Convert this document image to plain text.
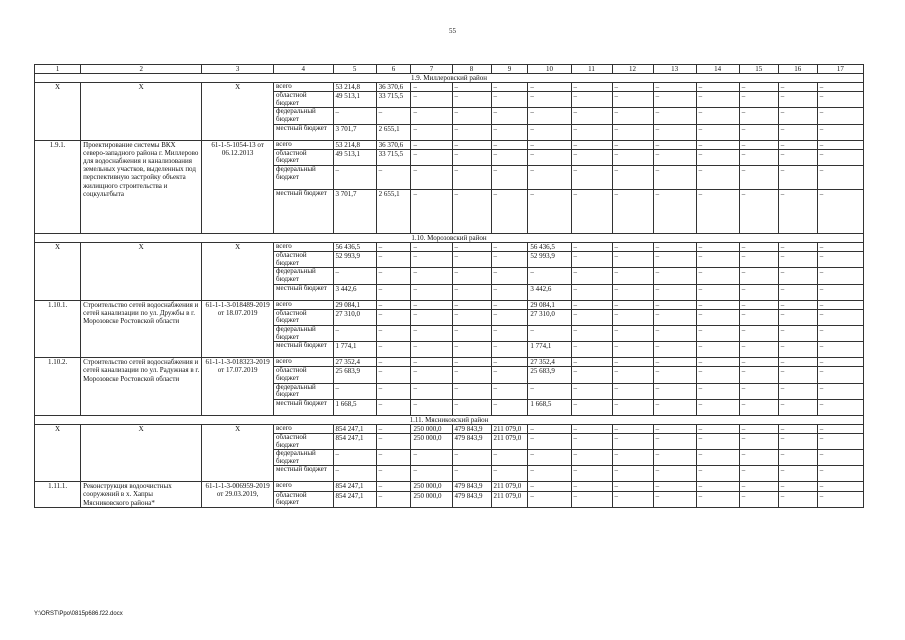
55
1	2	3	4	5	6	7	8	9	10	11	12	13	14	15	16	17
1.9. Миллеровский район																
Х	Х	Х	всего	53 214,8	36 370,6	–	–	–	–	–	–	–	–	–	–	–
			областной бюджет	49 513,1	33 715,5	–	–	–	–	–	–	–	–	–	–	–
			федеральный бюджет	–	–	–	–	–	–	–	–	–	–	–	–	–
			местный бюджет	3 701,7	2 655,1	–	–	–	–	–	–	–	–	–	–	–
1.9.1.	Проектирование системы ВКХ северо-западного района г. Миллерово для водоснабжения и канализования земельных участков, выделенных под перспективную застройку объекта жилищного строительства и соцкультбыта	61-1-5-1054-13 от 06.12.2013	всего	53 214,8	36 370,6	–	–	–	–	–	–	–	–	–	–	–
			областной бюджет	49 513,1	33 715,5	–	–	–	–	–	–	–	–	–	–	–
			федеральный бюджет	–	–	–	–	–	–	–	–	–	–	–	–	–
			местный бюджет	3 701,7	2 655,1	–	–	–	–	–	–	–	–	–	–	–
1.10. Морозовский район																
Х	Х	Х	всего	56 436,5	–	–	–	–	56 436,5	–	–	–	–	–	–	–
			областной бюджет	52 993,9	–	–	–	–	52 993,9	–	–	–	–	–	–	–
			федеральный бюджет	–	–	–	–	–	–	–	–	–	–	–	–	–
			местный бюджет	3 442,6	–	–	–	–	3 442,6	–	–	–	–	–	–	–
1.10.1.	Строительство сетей водоснабжения и сетей канализации по ул. Дружбы в г. Морозовске Ростовской области	61-1-1-3-018489-2019 от 18.07.2019	всего	29 084,1	–	–	–	–	29 084,1	–	–	–	–	–	–	–
			областной бюджет	27 310,0	–	–	–	–	27 310,0	–	–	–	–	–	–	–
			федеральный бюджет	–	–	–	–	–	–	–	–	–	–	–	–	–
			местный бюджет	1 774,1	–	–	–	–	1 774,1	–	–	–	–	–	–	–
1.10.2.	Строительство сетей водоснабжения и сетей канализации по ул. Радужная в г. Морозовске Ростовской области	61-1-1-3-018323-2019 от 17.07.2019	всего	27 352,4	–	–	–	–	27 352,4	–	–	–	–	–	–	–
			областной бюджет	25 683,9	–	–	–	–	25 683,9	–	–	–	–	–	–	–
			федеральный бюджет	–	–	–	–	–	–	–	–	–	–	–	–	–
			местный бюджет	1 668,5	–	–	–	–	1 668,5	–	–	–	–	–	–	–
1.11. Мясниковский район																
Х	Х	Х	всего	854 247,1	–	250 000,0	479 843,9	211 079,0	–	–	–	–	–	–	–	–
			областной бюджет	854 247,1	–	250 000,0	479 843,9	211 079,0	–	–	–	–	–	–	–	–
			федеральный бюджет	–	–	–	–	–	–	–	–	–	–	–	–	–
			местный бюджет	–	–	–	–	–	–	–	–	–	–	–	–	–
1.11.1.	Реконструкция водоочистных сооружений в х. Хапры Мясниковского района*	61-1-1-3-006959-2019 от 29.03.2019,	всего	854 247,1	–	250 000,0	479 843,9	211 079,0	–	–	–	–	–	–	–	–
			областной бюджет	854 247,1	–	250 000,0	479 843,9	211 079,0	–	–	–	–	–	–	–	–
Y:\ORST\Ppo\0815p686.f22.docx
